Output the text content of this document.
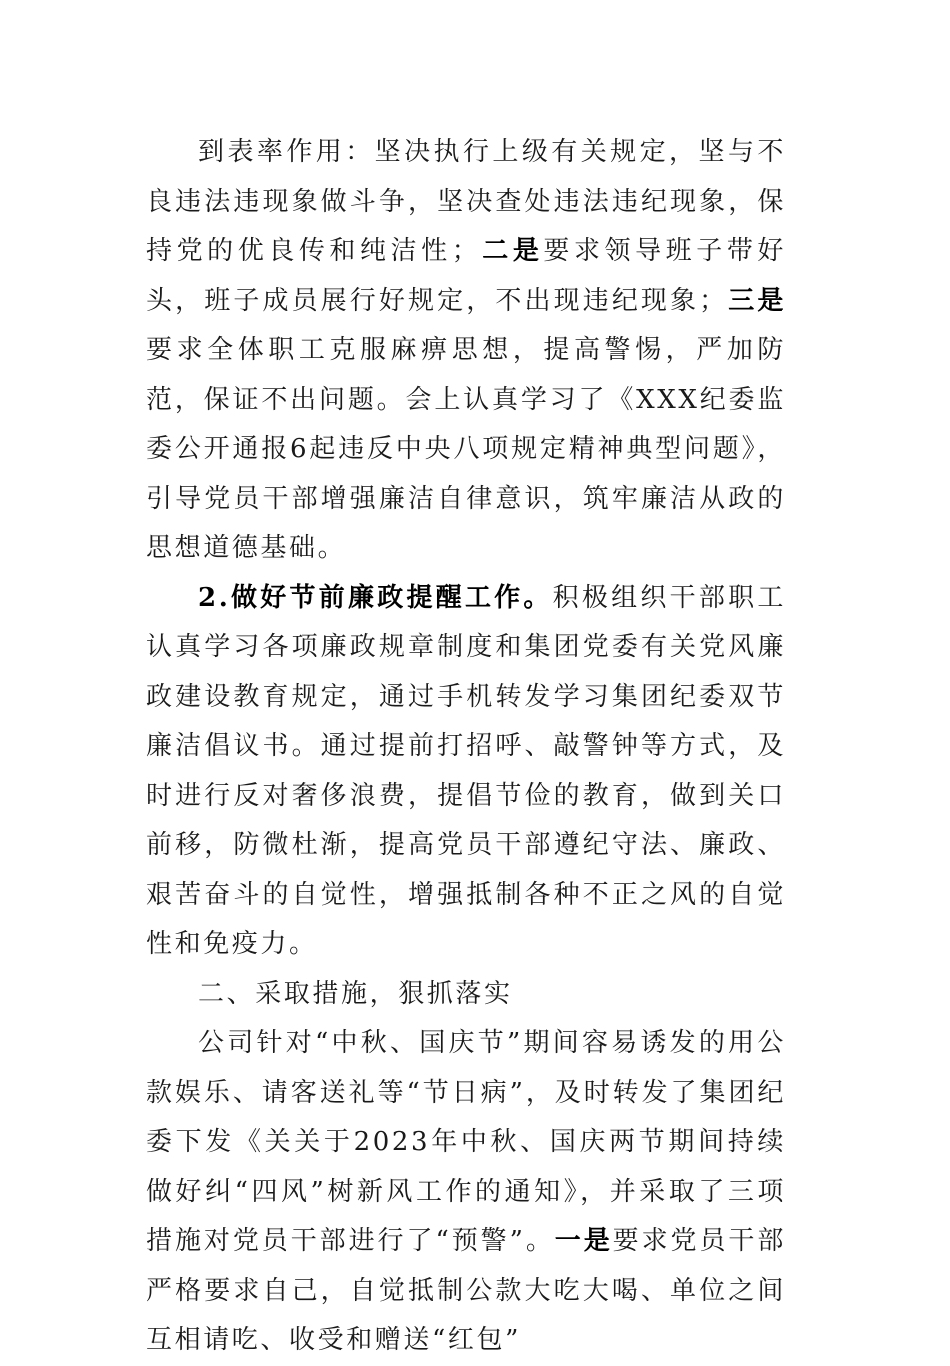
到表率作用：坚决执行上级有关规定，坚与不良违法违现象做斗争，坚决查处违法违纪现象，保持党的优良传和纯洁性；二是要求领导班子带好头，班子成员展行好规定，不出现违纪现象；三是要求全体职工克服麻痹思想，提高警惕，严加防范，保证不出问题。会上认真学习了《XXX纪委监委公开通报6起违反中央八项规定精神典型问题》，引导党员干部增强廉洁自律意识，筑牢廉洁从政的思想道德基础。

2.做好节前廉政提醒工作。积极组织干部职工认真学习各项廉政规章制度和集团党委有关党风廉政建设教育规定，通过手机转发学习集团纪委双节廉洁倡议书。通过提前打招呼、敲警钟等方式，及时进行反对奢侈浪费，提倡节俭的教育，做到关口前移，防微杜渐，提高党员干部遵纪守法、廉政、艰苦奋斗的自觉性，增强抵制各种不正之风的自觉性和免疫力。

二、采取措施，狠抓落实

公司针对“中秋、国庆节”期间容易诱发的用公款娱乐、请客送礼等“节日病”，及时转发了集团纪委下发《关关于2023年中秋、国庆两节期间持续做好纠“四风”树新风工作的通知》，并采取了三项措施对党员干部进行了“预警”。一是要求党员干部严格要求自己，自觉抵制公款大吃大喝、单位之间互相请吃、收受和赠送“红包”
